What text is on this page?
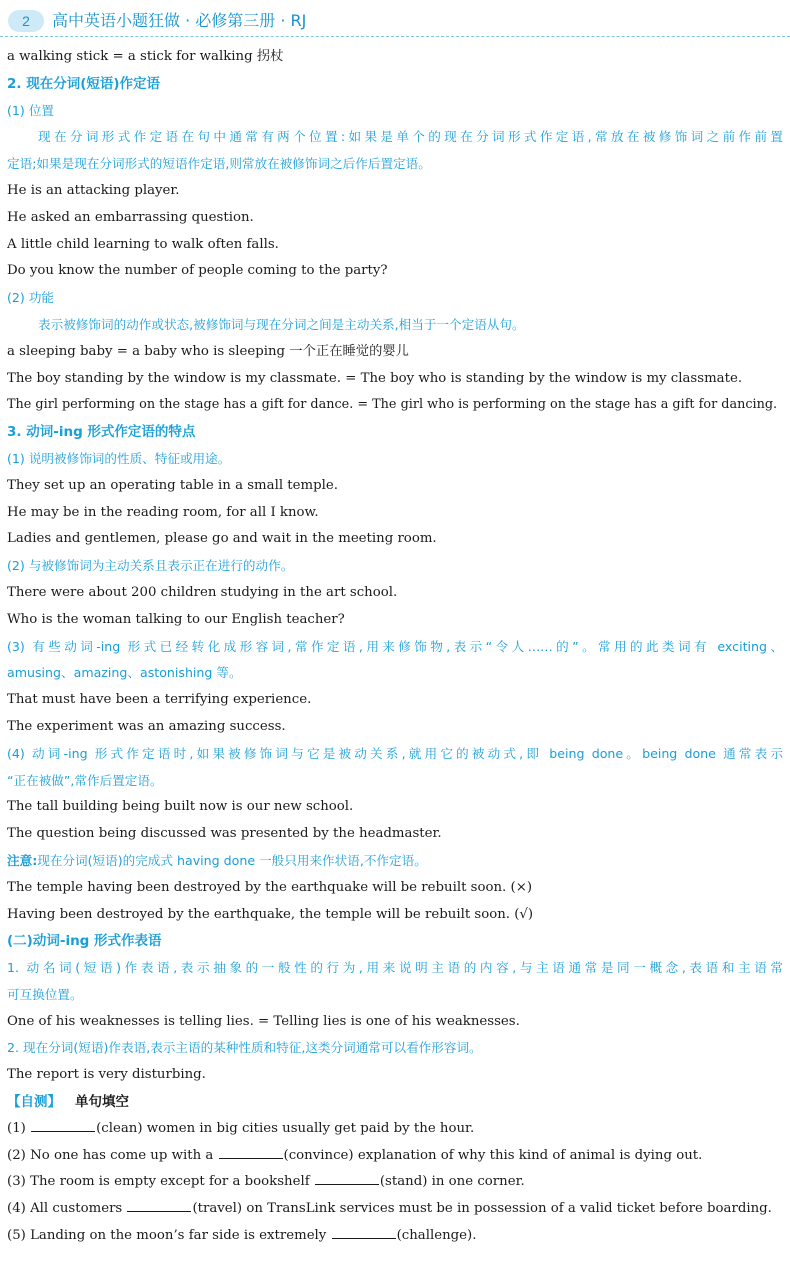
2	高中英语小题狂做 · 必修第三册 · RJ
a walking stick = a stick for walking 拐杖
2. 现在分词(短语)作定语
(1) 位置
现在分词形式作定语在句中通常有两个位置:如果是单个的现在分词形式作定语,常放在被修饰词之前作前置
定语;如果是现在分词形式的短语作定语,则常放在被修饰词之后作后置定语。
He is an attacking player.
He asked an embarrassing question.
A little child learning to walk often falls.
Do you know the number of people coming to the party?
(2) 功能
表示被修饰词的动作或状态,被修饰词与现在分词之间是主动关系,相当于一个定语从句。
a sleeping baby = a baby who is sleeping 一个正在睡觉的婴儿
The boy standing by the window is my classmate. = The boy who is standing by the window is my classmate.
The girl performing on the stage has a gift for dance. = The girl who is performing on the stage has a gift for dancing.
3. 动词-ing 形式作定语的特点
(1) 说明被修饰词的性质、特征或用途。
They set up an operating table in a small temple.
He may be in the reading room, for all I know.
Ladies and gentlemen, please go and wait in the meeting room.
(2) 与被修饰词为主动关系且表示正在进行的动作。
There were about 200 children studying in the art school.
Who is the woman talking to our English teacher?
(3) 有些动词-ing 形式已经转化成形容词,常作定语,用来修饰物,表示“令人……的”。常用的此类词有 exciting、
amusing、amazing、astonishing 等。
That must have been a terrifying experience.
The experiment was an amazing success.
(4) 动词-ing 形式作定语时,如果被修饰词与它是被动关系,就用它的被动式,即 being done。being done 通常表示
“正在被做”,常作后置定语。
The tall building being built now is our new school.
The question being discussed was presented by the headmaster.
注意:现在分词(短语)的完成式 having done 一般只用来作状语,不作定语。
The temple having been destroyed by the earthquake will be rebuilt soon. (×)
Having been destroyed by the earthquake, the temple will be rebuilt soon. (√)
(二)动词-ing 形式作表语
1. 动名词(短语)作表语,表示抽象的一般性的行为,用来说明主语的内容,与主语通常是同一概念,表语和主语常
可互换位置。
One of his weaknesses is telling lies. = Telling lies is one of his weaknesses.
2. 现在分词(短语)作表语,表示主语的某种性质和特征,这类分词通常可以看作形容词。
The report is very disturbing.
【自测】 单句填空
(1)	(clean) women in big cities usually get paid by the hour.
(2) No one has come up with a	(convince) explanation of why this kind of animal is dying out.
(3) The room is empty except for a bookshelf	(stand) in one corner.
(4) All customers	(travel) on TransLink services must be in possession of a valid ticket before boarding.
(5) Landing on the moon’s far side is extremely	(challenge).
